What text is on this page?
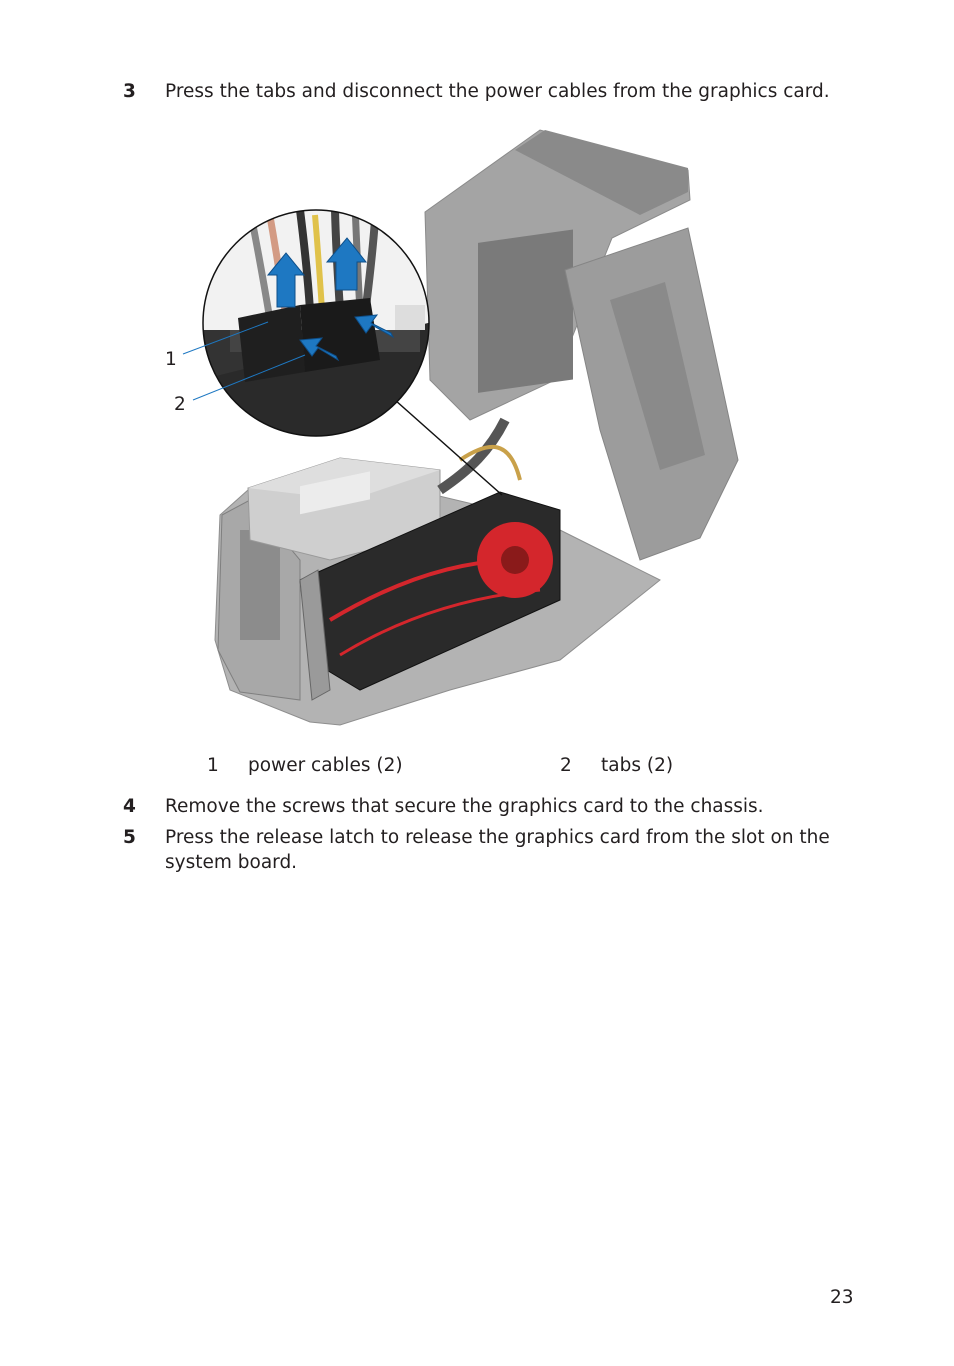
3 Press the tabs and disconnect the power cables from the graphics card.
1
2
1 power cables (2)	2 tabs (2)
4 Remove the screws that secure the graphics card to the chassis.
5 Press the release latch to release the graphics card from the slot on the system board.
23
